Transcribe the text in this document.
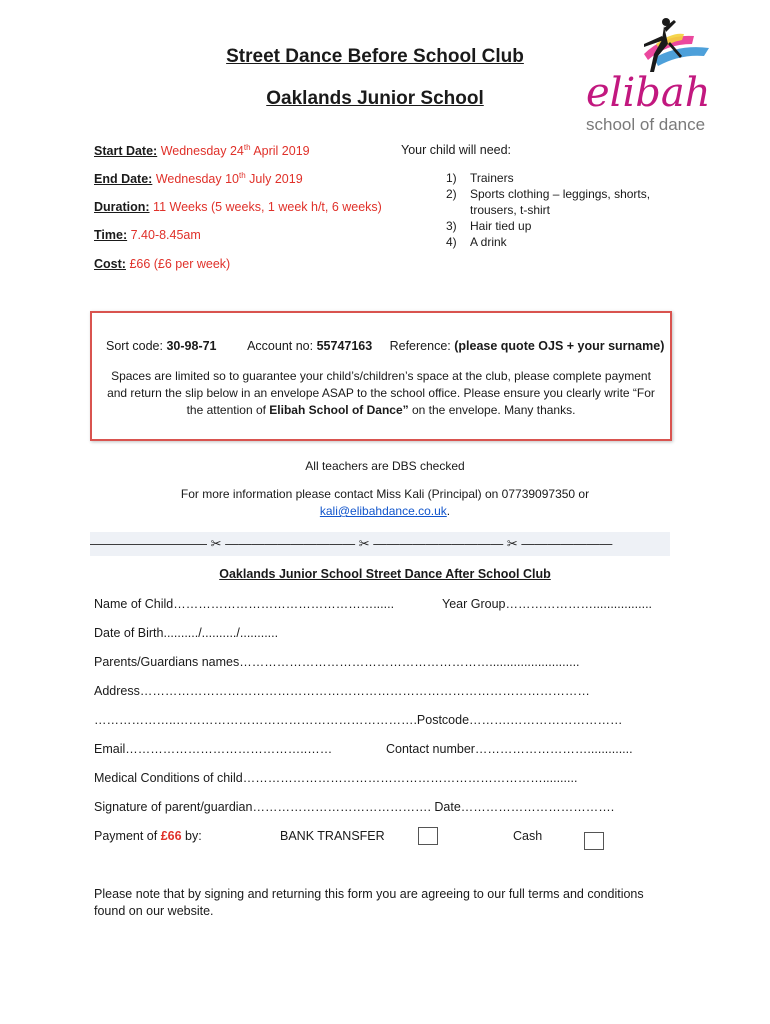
Street Dance Before School Club
Oaklands Junior School	elibah
school of dance
Start Date: Wednesday 24th April 2019
End Date: Wednesday 10th July 2019
Duration: 11 Weeks (5 weeks, 1 week h/t, 6 weeks)
Time: 7.40-8.45am
Cost: £66 (£6 per week)
Your child will need:
1)	Trainers
2)	Sports clothing – leggings, shorts,
trousers, t-shirt
3)	Hair tied up
4)	A drink
Sort code: 30-98-71 Account no: 55747163 Reference: (please quote OJS + your surname)
Spaces are limited so to guarantee your child’s/children’s space at the club, please complete payment and return the slip below in an envelope ASAP to the school office. Please ensure you clearly write “For the attention of Elibah School of Dance” on the envelope. Many thanks.
All teachers are DBS checked
For more information please contact Miss Kali (Principal) on 07739097350 or
kali@elibahdance.co.uk.
————————— ✂ —————————— ✂ —————————— ✂ ———————
Oaklands Junior School Street Dance After School Club
Name of Child…………………………………………......	Year Group………………….................
Date of Birth........../........../...........
Parents/Guardians names……………………………………………………..........................
Address………………………………………………………………………………………………
………………..………………………………………………….Postcode……….………………………
Email……………………………………..……	Contact number……………………….............
Medical Conditions of child………………………………………………………………..........
Signature of parent/guardian……………………………………. Date……………………………….
Payment of £66 by:	BANK TRANSFER	Cash
Please note that by signing and returning this form you are agreeing to our full terms and conditions found on our website.
